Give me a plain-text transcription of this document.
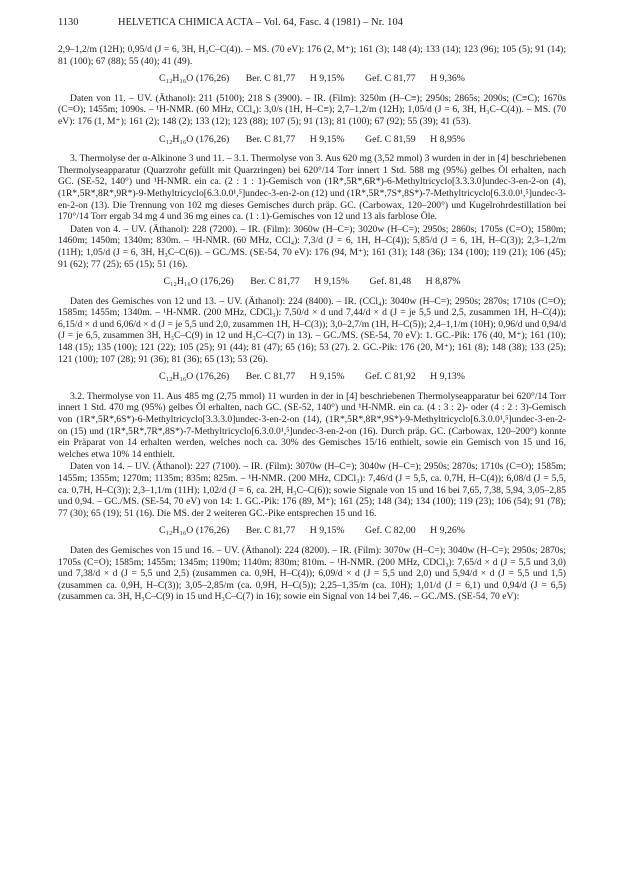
1130	HELVETICA CHIMICA ACTA – Vol. 64, Fasc. 4 (1981) – Nr. 104

2,9–1,2/m (12H); 0,95/d (J = 6, 3H, H₃C–C(4)). – MS. (70 eV): 176 (2, M⁺); 161 (3); 148 (4); 133 (14); 123 (96); 105 (5); 91 (14); 81 (100); 67 (88); 55 (40); 41 (49).

C₁₂H₁₆O (176,26) Ber. C 81,77 H 9,15% Gef. C 81,77 H 9,36%

Daten von 11. – UV. (Äthanol): 211 (5100); 218 S (3900). – IR. (Film): 3250m (H–C≡); 2950s; 2865s; 2090s; (C≡C); 1670s (C=O); 1455m; 1090s. – ¹H-NMR. (60 MHz, CCl₄): 3,0/s (1H, H–C≡); 2,7–1,2/m (12H); 1,05/d (J = 6, 3H, H₃C–C(4)). – MS. (70 eV): 176 (1, M⁺); 161 (2); 148 (2); 133 (12); 123 (88); 107 (5); 91 (13); 81 (100); 67 (92); 55 (39); 41 (53).

C₁₂H₁₆O (176,26) Ber. C 81,77 H 9,15% Gef. C 81,59 H 8,95%

3. Thermolyse der α-Alkinone 3 und 11. – 3.1. Thermolyse von 3. Aus 620 mg (3,52 mmol) 3 wurden in der in [4] beschriebenen Thermolyseapparatur (Quarzrohr gefüllt mit Quarzringen) bei 620°/14 Torr innert 1 Std. 588 mg (95%) gelbes Öl erhalten, nach GC. (SE-52, 140°) und ¹H-NMR. ein ca. (2 : 1 : 1)-Gemisch von (1R*,5R*,6R*)-6-Methyltricyclo[3.3.3.0]undec-3-en-2-on (4), (1R*,5R*,8R*,9R*)-9-Methyltricyclo[6.3.0.0¹,⁵]undec-3-en-2-on (12) und (1R*,5R*,7S*,8S*)-7-Methyltricyclo[6.3.0.0¹,⁵]undec-3-en-2-on (13). Die Trennung von 102 mg dieses Gemisches durch präp. GC. (Carbowax, 120–200°) und Kugelrohrdestillation bei 170°/14 Torr ergab 34 mg 4 und 36 mg eines ca. (1 : 1)-Gemisches von 12 und 13 als farblose Öle.

Daten von 4. – UV. (Äthanol): 228 (7200). – IR. (Film): 3060w (H–C=); 3020w (H–C=); 2950s; 2860s; 1705s (C=O); 1580m; 1460m; 1450m; 1340m; 830m. – ¹H-NMR. (60 MHz, CCl₄): 7,3/d (J = 6, 1H, H–C(4)); 5,85/d (J = 6, 1H, H–C(3)); 2,3–1,2/m (11H); 1,05/d (J = 6, 3H, H₃C–C(6)). – GC./MS. (SE-54, 70 eV): 176 (94, M⁺); 161 (31); 148 (36); 134 (100); 119 (21); 106 (45); 91 (62); 77 (25); 65 (15); 51 (16).

C₁₂H₁₆O (176,26) Ber. C 81,77 H 9,15% Gef. 81,48 H 8,87%

Daten des Gemisches von 12 und 13. – UV. (Äthanol): 224 (8400). – IR. (CCl₄): 3040w (H–C=); 2950s; 2870s; 1710s (C=O); 1585m; 1455m; 1340m. – ¹H-NMR. (200 MHz, CDCl₃): 7,50/d × d und 7,44/d × d (J = je 5,5 und 2,5, zusammen 1H, H–C(4)); 6,15/d × d und 6,06/d × d (J = je 5,5 und 2,0, zusammen 1H, H–C(3)); 3,0–2,7/m (1H, H–C(5)); 2,4–1,1/m (10H); 0,96/d und 0,94/d (J = je 6,5, zusammen 3H, H₃C–C(9) in 12 und H₃C–C(7) in 13). – GC./MS. (SE-54, 70 eV): 1. GC.-Pik: 176 (40, M⁺); 161 (10); 148 (15); 135 (100); 121 (22); 105 (25); 91 (44); 81 (47); 65 (16); 53 (27). 2. GC.-Pik: 176 (20, M⁺); 161 (8); 148 (38); 133 (25); 121 (100); 107 (28); 91 (36); 81 (36); 65 (13); 53 (26).

C₁₂H₁₆O (176,26) Ber. C 81,77 H 9,15% Gef. C 81,92 H 9,13%

3.2. Thermolyse von 11. Aus 485 mg (2,75 mmol) 11 wurden in der in [4] beschriebenen Thermolyseapparatur bei 620°/14 Torr innert 1 Std. 470 mg (95%) gelbes Öl erhalten, nach GC. (SE-52, 140°) und ¹H-NMR. ein ca. (4 : 3 : 2)- oder (4 : 2 : 3)-Gemisch von (1R*,5R*,6S*)-6-Methyltricyclo[3.3.3.0]undec-3-en-2-on (14), (1R*,5R*,8R*,9S*)-9-Methyltricyclo[6.3.0.0¹,⁵]undec-3-en-2-on (15) und (1R*,5R*,7R*,8S*)-7-Methyltricyclo[6.3.0.0¹,⁵]undec-3-en-2-on (16). Durch präp. GC. (Carbowax, 120–200°) konnte ein Präparat von 14 erhalten werden, welches noch ca. 30% des Gemisches 15/16 enthielt, sowie ein Gemisch von 15 und 16, welches etwa 10% 14 enthielt.

Daten von 14. – UV. (Äthanol): 227 (7100). – IR. (Film): 3070w (H–C=); 3040w (H–C=); 2950s; 2870s; 1710s (C=O); 1585m; 1455m; 1355m; 1270m; 1135m; 835m; 825m. – ¹H-NMR. (200 MHz, CDCl₃): 7,46/d (J = 5,5, ca. 0,7H, H–C(4)); 6,08/d (J = 5,5, ca. 0,7H, H–C(3)); 2,3–1,1/m (11H); 1,02/d (J = 6, ca. 2H, H₃C–C(6)); sowie Signale von 15 und 16 bei 7,65, 7,38, 5,94, 3,05–2,85 und 0,94. – GC./MS. (SE-54, 70 eV) von 14: 1. GC.-Pik: 176 (89, M⁺); 161 (25); 148 (34); 134 (100); 119 (23); 106 (54); 91 (78); 77 (30); 65 (19); 51 (16). Die MS. der 2 weiteren GC.-Pike entsprechen 15 und 16.

C₁₂H₁₆O (176,26) Ber. C 81,77 H 9,15% Gef. C 82,00 H 9,26%

Daten des Gemisches von 15 und 16. – UV. (Äthanol): 224 (8200). – IR. (Film): 3070w (H–C=); 3040w (H–C=); 2950s; 2870s; 1705s (C=O); 1585m; 1455m; 1345m; 1190m; 1140m; 830m; 810m. – ¹H-NMR. (200 MHz, CDCl₃): 7,65/d × d (J = 5,5 und 3,0) und 7,38/d × d (J = 5,5 und 2,5) (zusammen ca. 0,9H, H–C(4)); 6,09/d × d (J = 5,5 und 2,0) und 5,94/d × d (J = 5,5 und 1,5) (zusammen ca. 0,9H, H–C(3)); 3,05–2,85/m (ca. 0,9H, H–C(5)); 2,25–1,35/m (ca. 10H); 1,01/d (J = 6,1) und 0,94/d (J = 6,5) (zusammen ca. 3H, H₃C–C(9) in 15 und H₃C–C(7) in 16); sowie ein Signal von 14 bei 7,46. – GC./MS. (SE-54, 70 eV):
